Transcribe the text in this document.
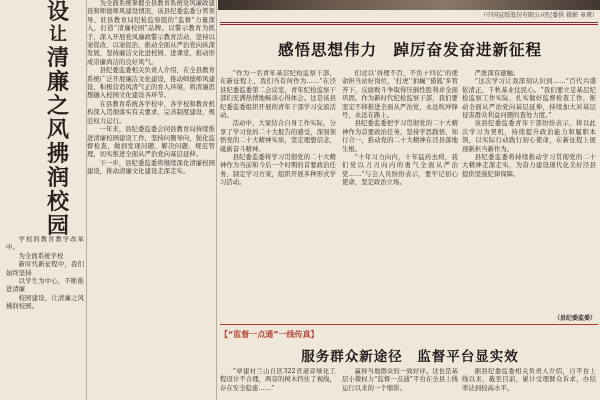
设
让
清
廉
之
风
拂
润
校
园

学校的教育教学改革中。

为全面系统学校

新时代新征程中，我们始终坚持

以学生为中心，不断推进清廉

校园建设，让清廉之风拂润校园。

为全面系统掌握全县教育系统党风廉政建设和师德师风建设情况，该县纪委监委分管领导、驻县教育局纪检监察组的“监督”力量深入，打造“清廉校园”品牌。以警示教育为抓手，深入开展党风廉政警示教育活动，坚持以案促改、以案促治，推动全面从严治党向纵深发展，坚持廉洁文化进校园、进课堂，推动形成崇廉尚洁的良好风气。

县纪委监委相关负责人介绍，在全县教育系统广泛开展廉洁文化建设，推动师德师风建设，积极营造风清气正的育人环境，将清廉思想融入校园文化建设各环节。

在县教育系统各学校中，各学校和教育机构深入贯彻落实有关要求，完善制度建设，规范权力运行。

一年来，县纪委监委会同县教育局持续推进清廉校园建设工作，坚持问题导向，强化监督检查，做到发现问题、解决问题、规范管理，切实推进全面从严治党向基层延伸。

下一步，县纪委监委将继续深化清廉校园建设，推动清廉文化建设走深走实。

（中国宣纸股份有限公司纪委供 摄影 章瑾）
感悟思想伟力　踔厉奋发奋进新征程

“作为一名青年基层纪检监察干部，在新征程上，我们当有何作为……”在泾县纪委监委第二会议室，青年纪检监察干部们充满热情地畅谈心得体会。这是该县纪委监委组织开展的青年干部学习交流活动。

活动中，大家结合自身工作实际，分享了学习党的二十大报告的感受，深刻领悟党的二十大精神实质，坚定理想信念，砥砺奋斗精神。

县纪委监委将学习贯彻党的二十大精神作为当前和今后一个时期的首要政治任务，制定学习方案，组织开展多种形式学习活动。

们竞以‘得理不百，不负十四亿’的使命担当站好岗位，‘打虎’‘拍蝇’‘猎狐’多管齐下，反腐败斗争取得压倒性胜利并全面巩固。作为新时代纪检监察干部，我们要坚定不移推进全面从严治党，永远吹冲锋号，永远在路上。

县纪委监委把学习贯彻党的二十大精神作为首要政治任务，坚持学思践悟、知行合一，推动党的二十大精神在泾县落地生根。

“十年习力向内，十年猛药去疴，我们党以刀刃向内的勇气全面从严治党……”与会人员纷纷表示，要牢记初心使命，坚定政治立场。

严派深有感触。

“这次学习让我深刻认识到……”百代兴盛依清正，千秋基业仗民心。“我们要立足基层纪检监察工作实际，扎实做好监督检查工作，推动全面从严治党向基层延伸，持续加大对基层侵害群众利益问题的查处力度。”

该县纪委监委青年干部纷纷表示，将以此次学习为契机，持续提升政治能力和履职本领，以实际行动践行初心使命，在新征程上展现新担当新作为。

县纪委监委将持续推动学习贯彻党的二十大精神走深走实，为奋力建设现代化美好泾县提供坚强纪律保障。

（县纪委监委）
【“监督一点通”一线传真】
服务群众新途径　监督平台显实效

“章建村兰山自区322省道旁绿化工程设计不合理，两旁的树木挡住了视线，存在安全隐患……”

赢得当地群众的一致好评。这也是基层小微权力“监督一点通”平台在全县上线运行以来的一个缩影。

据县纪委监委相关负责人介绍，自平台上线以来，截至目前，累计受理群众诉求，办结率达到较高水平。
